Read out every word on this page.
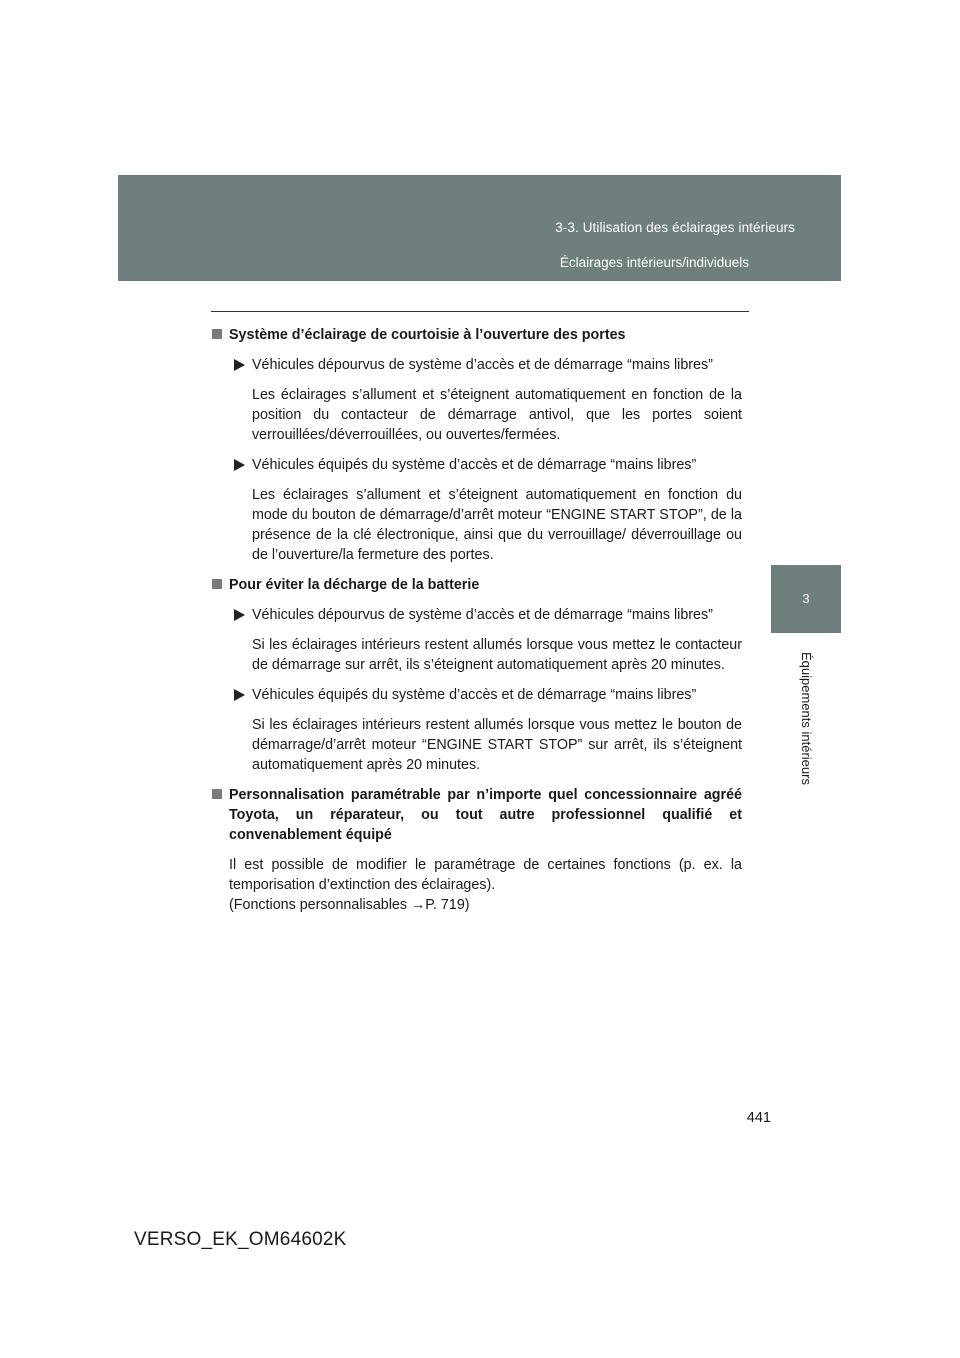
3-3. Utilisation des éclairages intérieurs
Éclairages intérieurs/individuels
3
Équipements intérieurs
Système d’éclairage de courtoisie à l’ouverture des portes
Véhicules dépourvus de système d’accès et de démarrage “mains libres”
Les éclairages s’allument et s’éteignent automatiquement en fonction de la position du contacteur de démarrage antivol, que les portes soient verrouillées/déverrouillées, ou ouvertes/fermées.
Véhicules équipés du système d’accès et de démarrage “mains libres”
Les éclairages s’allument et s’éteignent automatiquement en fonction du mode du bouton de démarrage/d’arrêt moteur “ENGINE START STOP”, de la présence de la clé électronique, ainsi que du verrouillage/ déverrouillage ou de l’ouverture/la fermeture des portes.
Pour éviter la décharge de la batterie
Véhicules dépourvus de système d’accès et de démarrage “mains libres”
Si les éclairages intérieurs restent allumés lorsque vous mettez le contacteur de démarrage sur arrêt, ils s’éteignent automatiquement après 20 minutes.
Véhicules équipés du système d’accès et de démarrage “mains libres”
Si les éclairages intérieurs restent allumés lorsque vous mettez le bouton de démarrage/d’arrêt moteur “ENGINE START STOP” sur arrêt, ils s’éteignent automatiquement après 20 minutes.
Personnalisation paramétrable par n’importe quel concessionnaire agréé Toyota, un réparateur, ou tout autre professionnel qualifié et convenablement équipé
Il est possible de modifier le paramétrage de certaines fonctions (p. ex. la temporisation d’extinction des éclairages).
(Fonctions personnalisables →P. 719)
441
VERSO_EK_OM64602K
